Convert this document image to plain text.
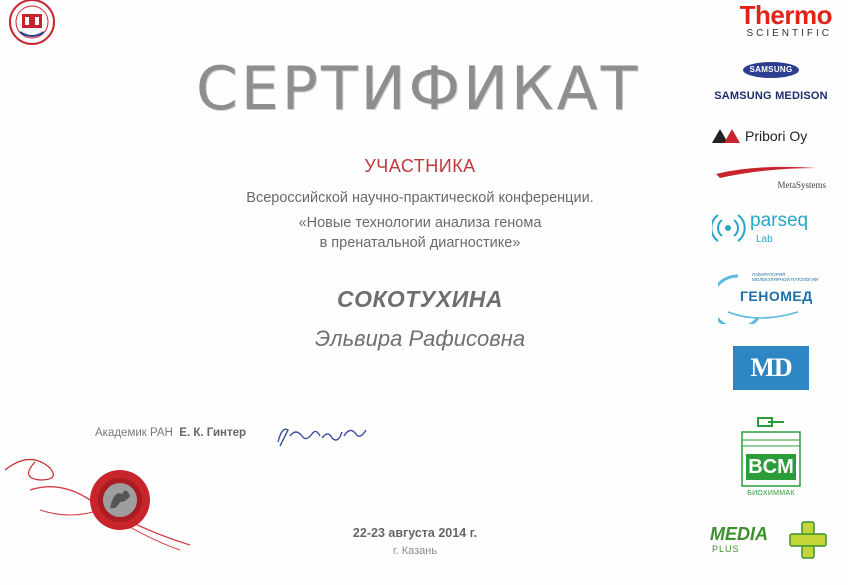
СЕРТИФИКАТ
УЧАСТНИКА
Всероссийской научно-практической конференции.
«Новые технологии анализа генома
в пренатальной диагностике»
СОКОТУХИНА
Эльвира Рафисовна
Академик РАН Е. К. Гинтер
22-23 августа 2014 г.
г. Казань
Thermo
SCIENTIFIC
SAMSUNG
SAMSUNG MEDISON
Pribori Oy
MetaSystems
parseq
Lab
ЛАБОРАТОРИЯ МОЛЕКУЛЯРНОЙ ПАТОЛОГИИ
ГЕНОМЕД
MD
BCM
БИОХИММАК
MEDIA
PLUS
